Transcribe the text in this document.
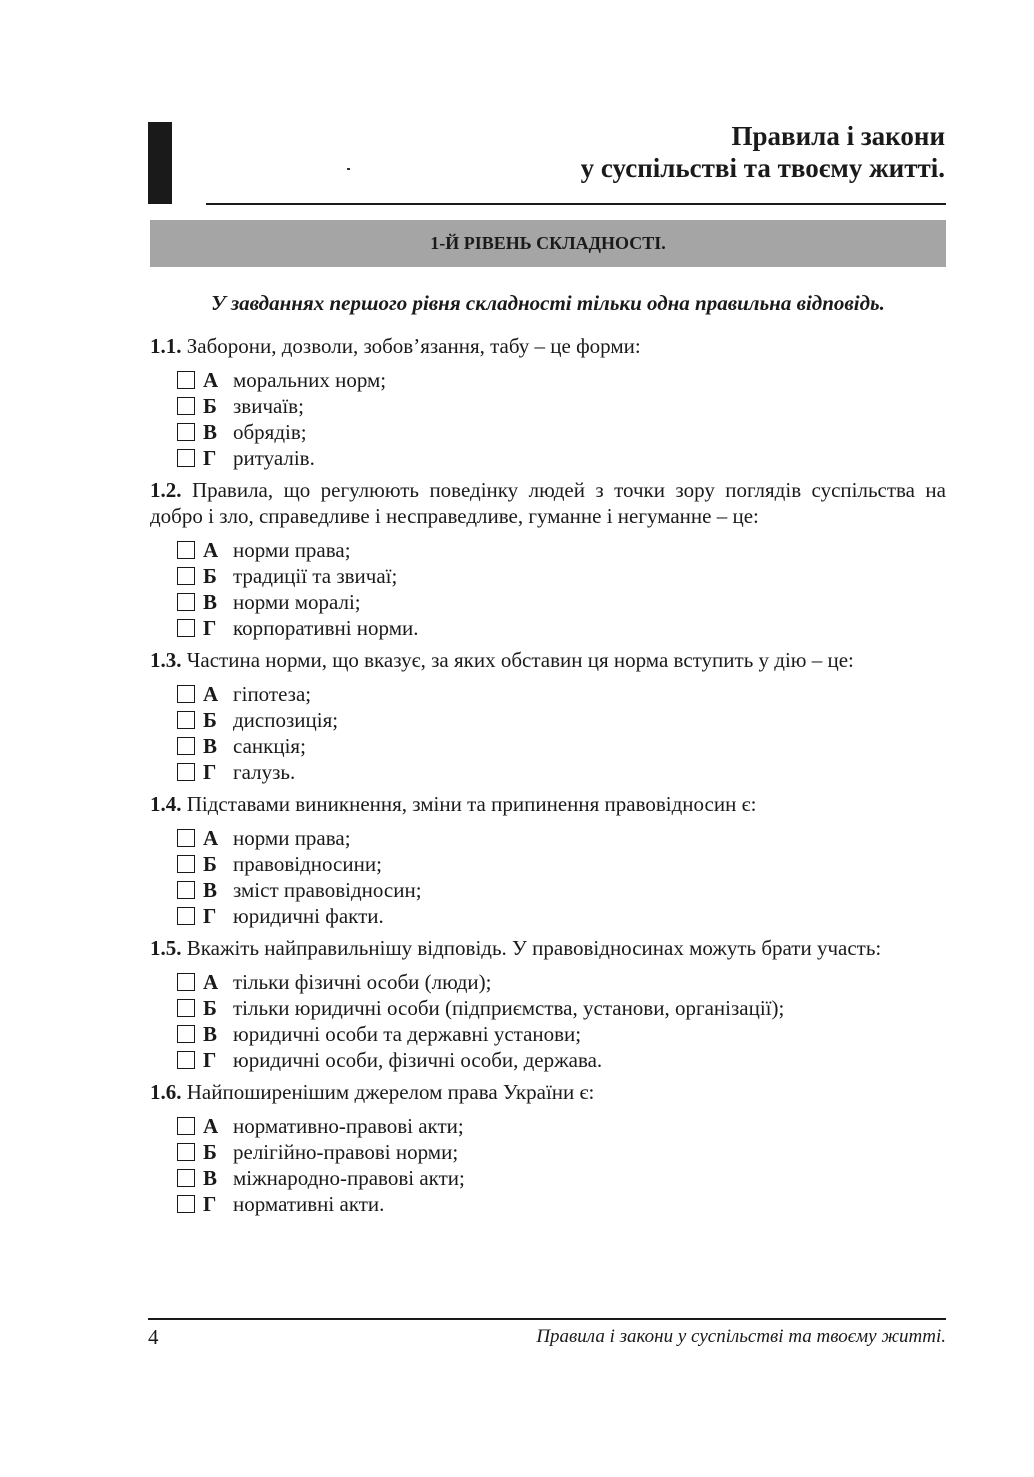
Правила і закони
у суспільстві та твоєму житті.
1-Й РІВЕНЬ СКЛАДНОСТІ.
У завданнях першого рівня складності тільки одна правильна відповідь.

1.1. Заборони, дозволи, зобов’язання, табу – це форми:

А моральних норм;
Б звичаїв;
В обрядів;
Г ритуалів.

1.2. Правила, що регулюють поведінку людей з точки зору поглядів суспільства на добро і зло, справедливе і несправедливе, гуманне і негуманне – це:

А норми права;
Б традиції та звичаї;
В норми моралі;
Г корпоративні норми.

1.3. Частина норми, що вказує, за яких обставин ця норма вступить у дію – це:

А гіпотеза;
Б диспозиція;
В санкція;
Г галузь.

1.4. Підставами виникнення, зміни та припинення правовідносин є:

А норми права;
Б правовідносини;
В зміст правовідносин;
Г юридичні факти.

1.5. Вкажіть найправильнішу відповідь. У правовідносинах можуть брати участь:

А тільки фізичні особи (люди);
Б тільки юридичні особи (підприємства, установи, організації);
В юридичні особи та державні установи;
Г юридичні особи, фізичні особи, держава.

1.6. Найпоширенішим джерелом права України є:

А нормативно-правові акти;
Б релігійно-правові норми;
В міжнародно-правові акти;
Г нормативні акти.
4	Правила і закони у суспільстві та твоєму житті.
